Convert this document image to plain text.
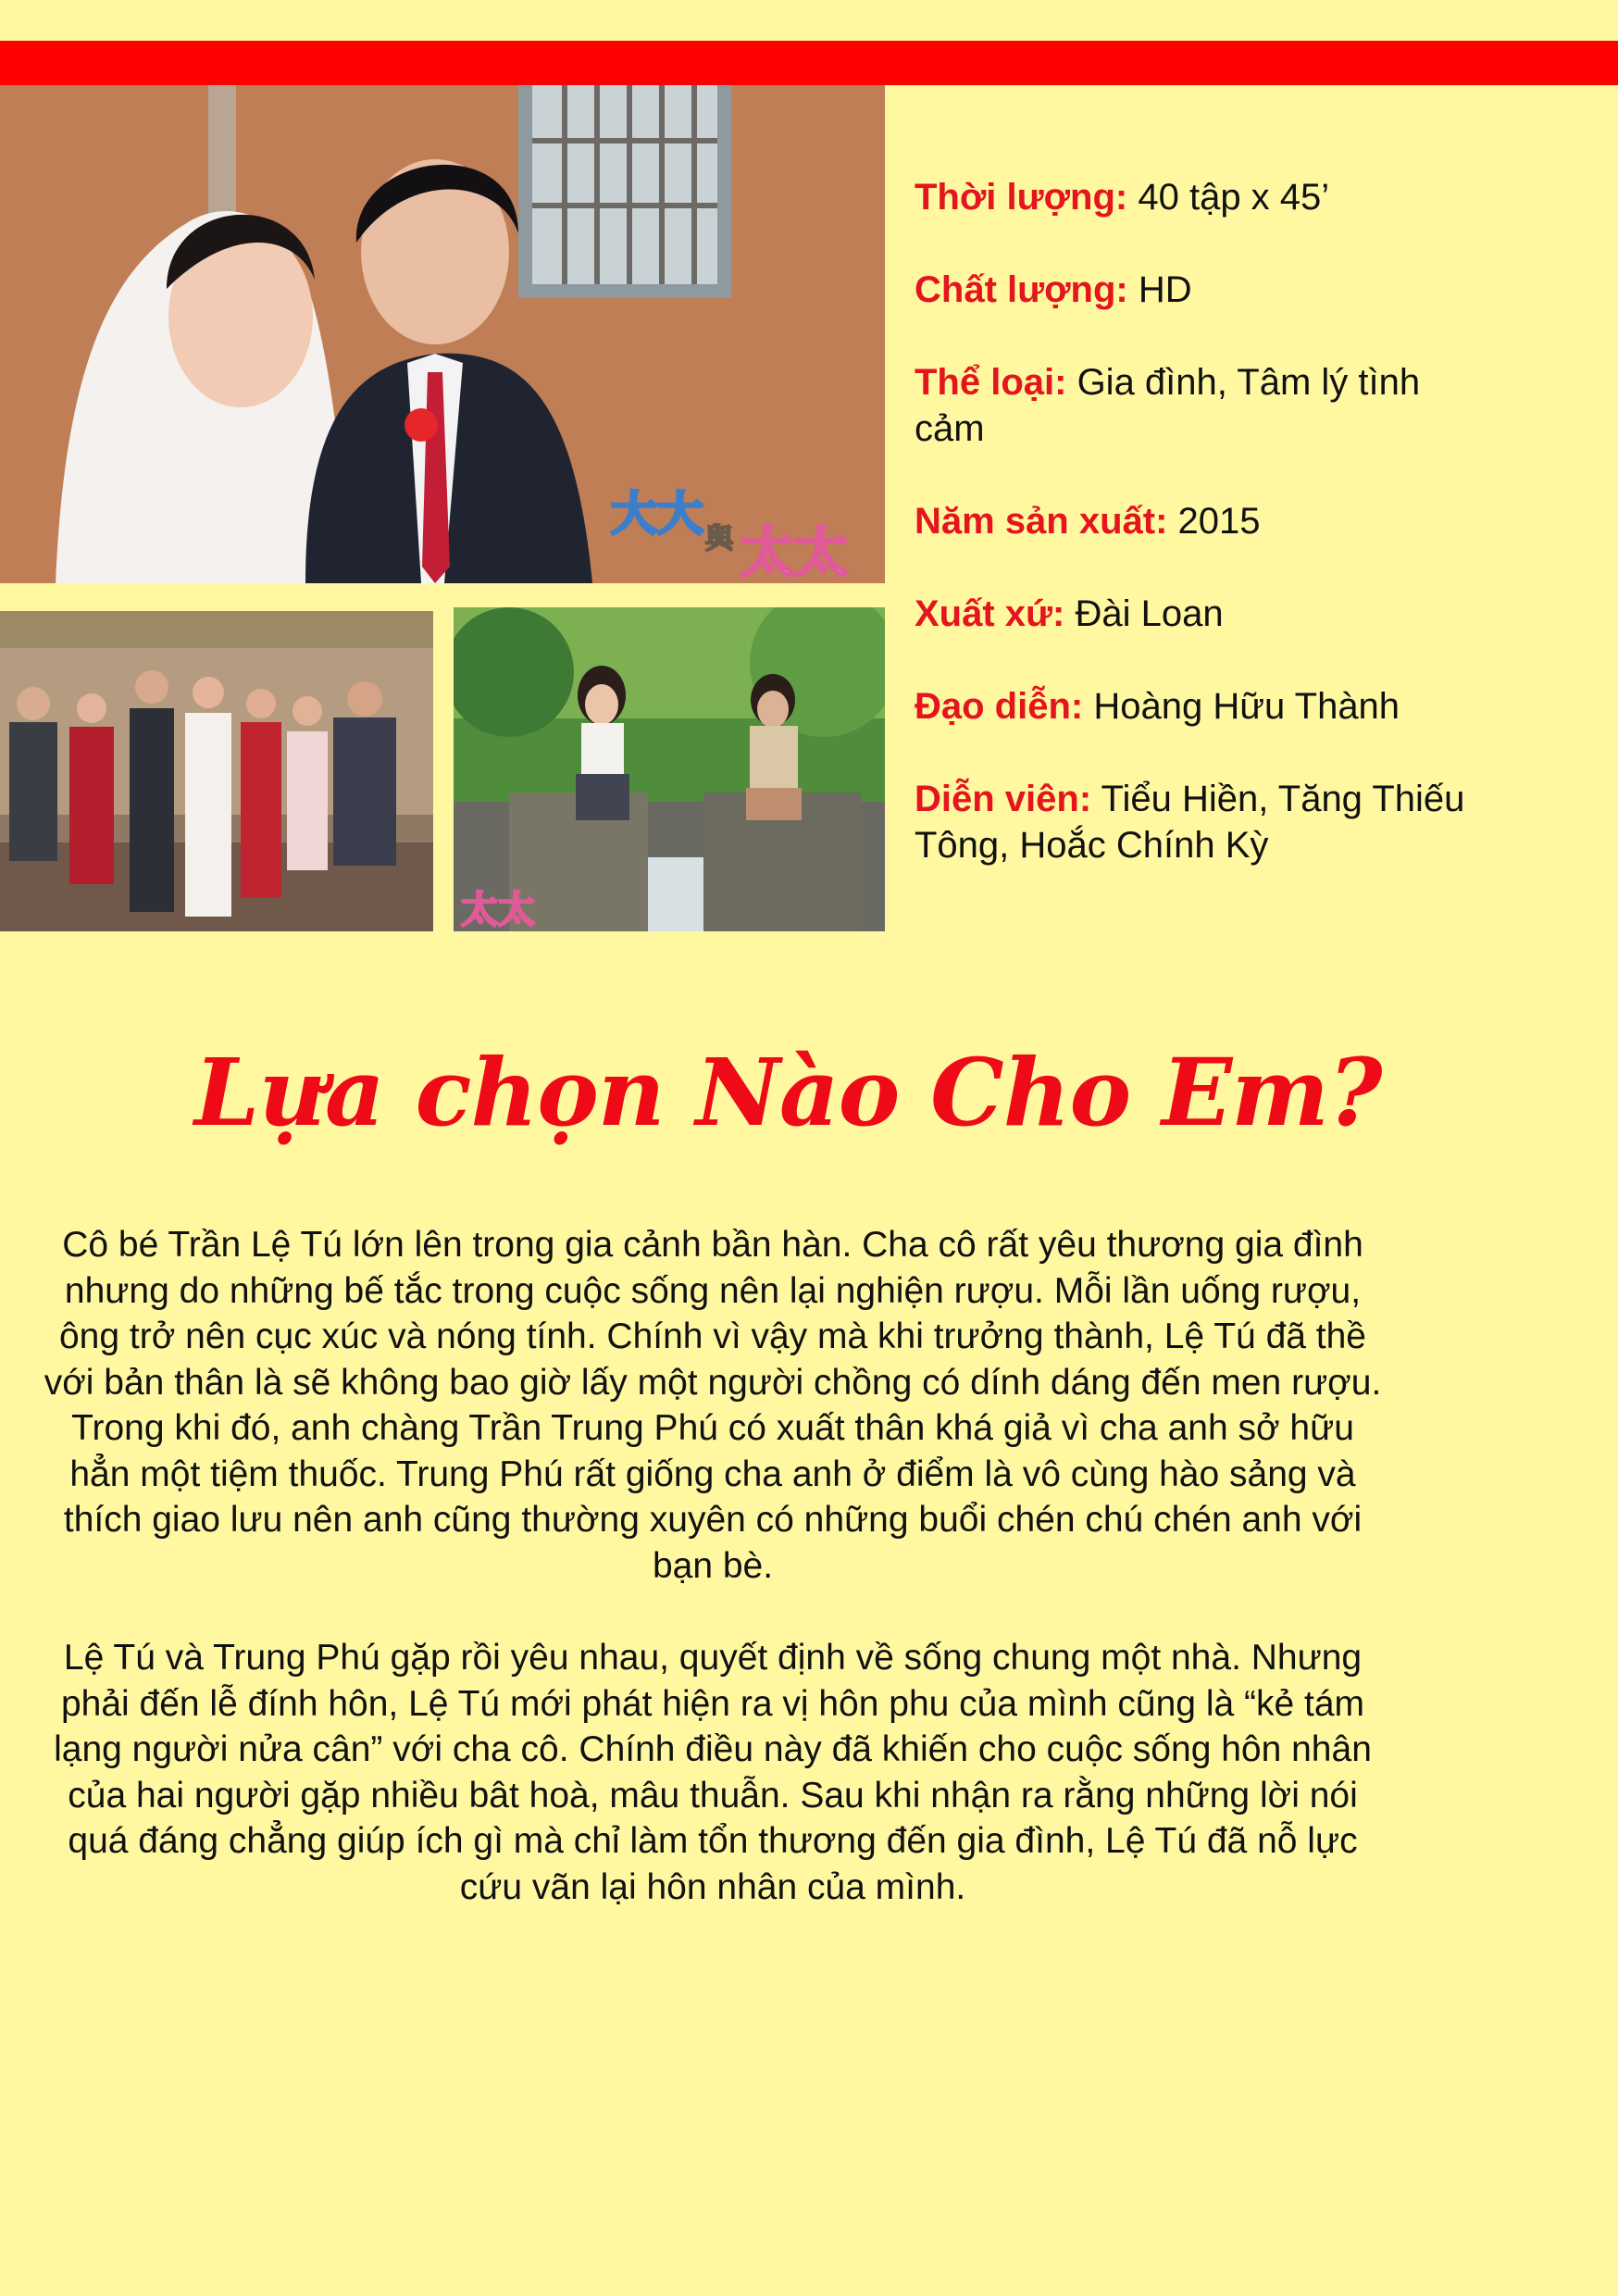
大大 與 太太
太太
Thời lượng: 40 tập x 45’
Chất lượng: HD
Thể loại: Gia đình, Tâm lý tình cảm
Năm sản xuất: 2015
Xuất xứ: Đài Loan
Đạo diễn: Hoàng Hữu Thành
Diễn viên: Tiểu Hiền, Tăng Thiếu Tông, Hoắc Chính Kỳ
Lựa chọn Nào Cho Em?

Cô bé Trần Lệ Tú lớn lên trong gia cảnh bần hàn. Cha cô rất yêu thương gia đình nhưng do những bế tắc trong cuộc sống nên lại nghiện rượu. Mỗi lần uống rượu, ông trở nên cục xúc và nóng tính. Chính vì vậy mà khi trưởng thành, Lệ Tú đã thề với bản thân là sẽ không bao giờ lấy một người chồng có dính dáng đến men rượu. Trong khi đó, anh chàng Trần Trung Phú có xuất thân khá giả vì cha anh sở hữu hẳn một tiệm thuốc. Trung Phú rất giống cha anh ở điểm là vô cùng hào sảng và thích giao lưu nên anh cũng thường xuyên có những buổi chén chú chén anh với bạn bè.

Lệ Tú và Trung Phú gặp rồi yêu nhau, quyết định về sống chung một nhà. Nhưng phải đến lễ đính hôn, Lệ Tú mới phát hiện ra vị hôn phu của mình cũng là “kẻ tám lạng người nửa cân” với cha cô. Chính điều này đã khiến cho cuộc sống hôn nhân của hai người gặp nhiều bât hoà, mâu thuẫn. Sau khi nhận ra rằng những lời nói quá đáng chẳng giúp ích gì mà chỉ làm tổn thương đến gia đình, Lệ Tú đã nỗ lực cứu vãn lại hôn nhân của mình.
